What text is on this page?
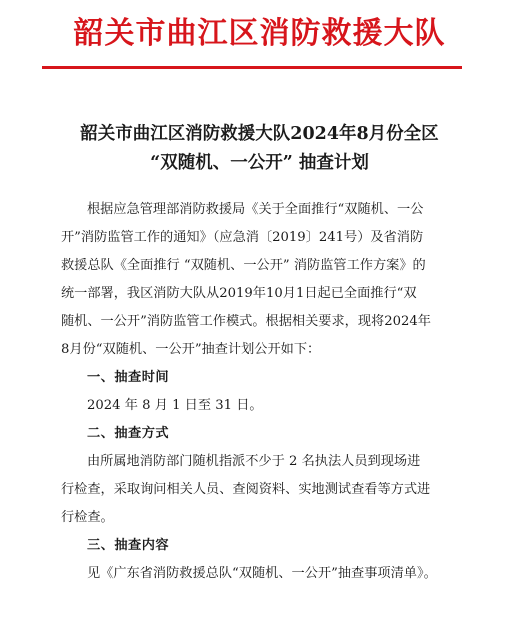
韶关市曲江区消防救援大队
韶关市曲江区消防救援大队2024年8月份全区
“双随机、一公开” 抽查计划
根据应急管理部消防救援局《关于全面推行“双随机、一公
开”消防监管工作的通知》（应急消〔2019〕241号）及省消防
救援总队《全面推行 “双随机、一公开” 消防监管工作方案》的
统一部署，我区消防大队从2019年10月1日起已全面推行“双
随机、一公开”消防监管工作模式。根据相关要求，现将2024年
8月份“双随机、一公开”抽查计划公开如下：
一、抽查时间
2024 年 8 月 1 日至 31 日。
二、抽查方式
由所属地消防部门随机指派不少于 2 名执法人员到现场进
行检查，采取询问相关人员、查阅资料、实地测试查看等方式进
行检查。
三、抽查内容
见《广东省消防救援总队“双随机、一公开”抽查事项清单》。
